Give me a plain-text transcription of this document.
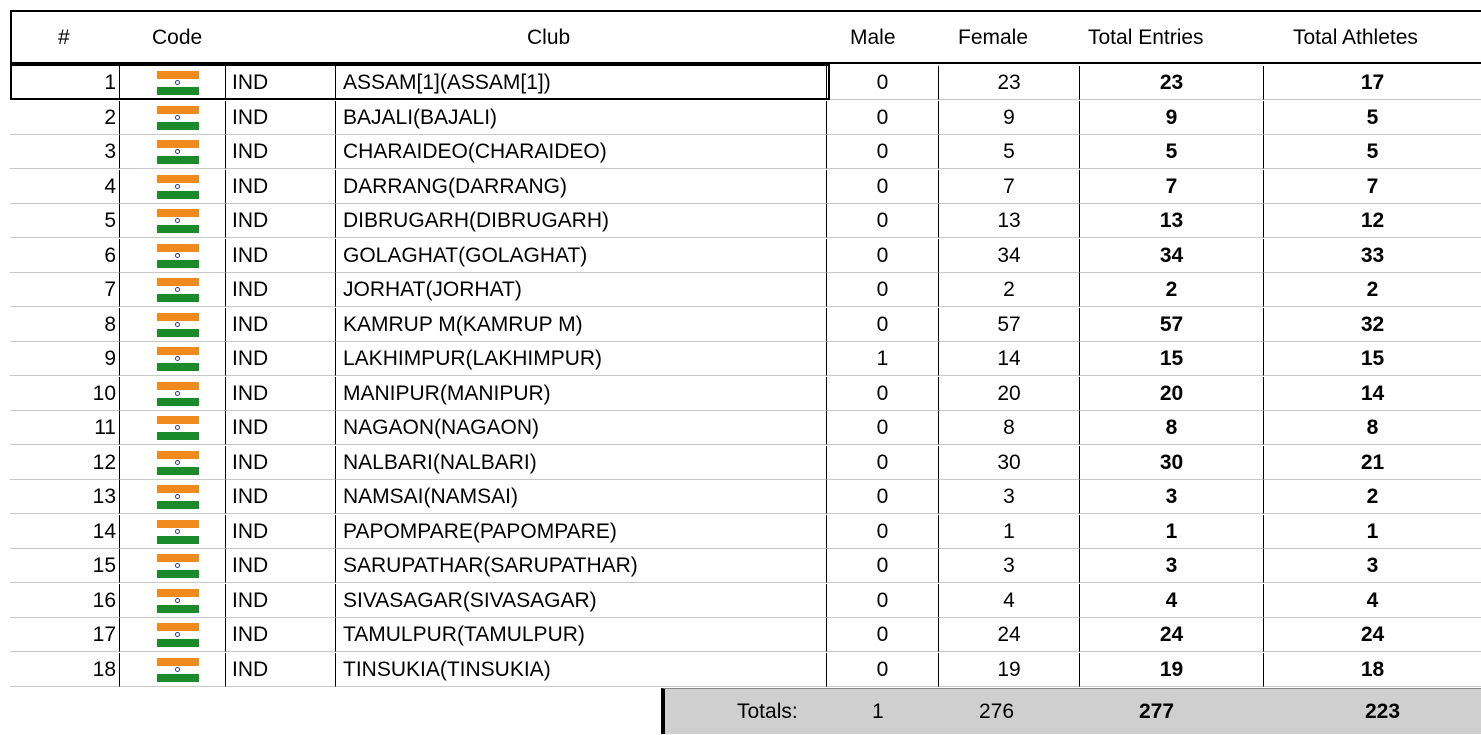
#	Code	Club	Male	Female	Total Entries	Total Athletes
1	IND	ASSAM[1](ASSAM[1])	0	23	23	17
2	IND	BAJALI(BAJALI)	0	9	9	5
3	IND	CHARAIDEO(CHARAIDEO)	0	5	5	5
4	IND	DARRANG(DARRANG)	0	7	7	7
5	IND	DIBRUGARH(DIBRUGARH)	0	13	13	12
6	IND	GOLAGHAT(GOLAGHAT)	0	34	34	33
7	IND	JORHAT(JORHAT)	0	2	2	2
8	IND	KAMRUP M(KAMRUP M)	0	57	57	32
9	IND	LAKHIMPUR(LAKHIMPUR)	1	14	15	15
10	IND	MANIPUR(MANIPUR)	0	20	20	14
11	IND	NAGAON(NAGAON)	0	8	8	8
12	IND	NALBARI(NALBARI)	0	30	30	21
13	IND	NAMSAI(NAMSAI)	0	3	3	2
14	IND	PAPOMPARE(PAPOMPARE)	0	1	1	1
15	IND	SARUPATHAR(SARUPATHAR)	0	3	3	3
16	IND	SIVASAGAR(SIVASAGAR)	0	4	4	4
17	IND	TAMULPUR(TAMULPUR)	0	24	24	24
18	IND	TINSUKIA(TINSUKIA)	0	19	19	18
Totals:	1	276	277	223
